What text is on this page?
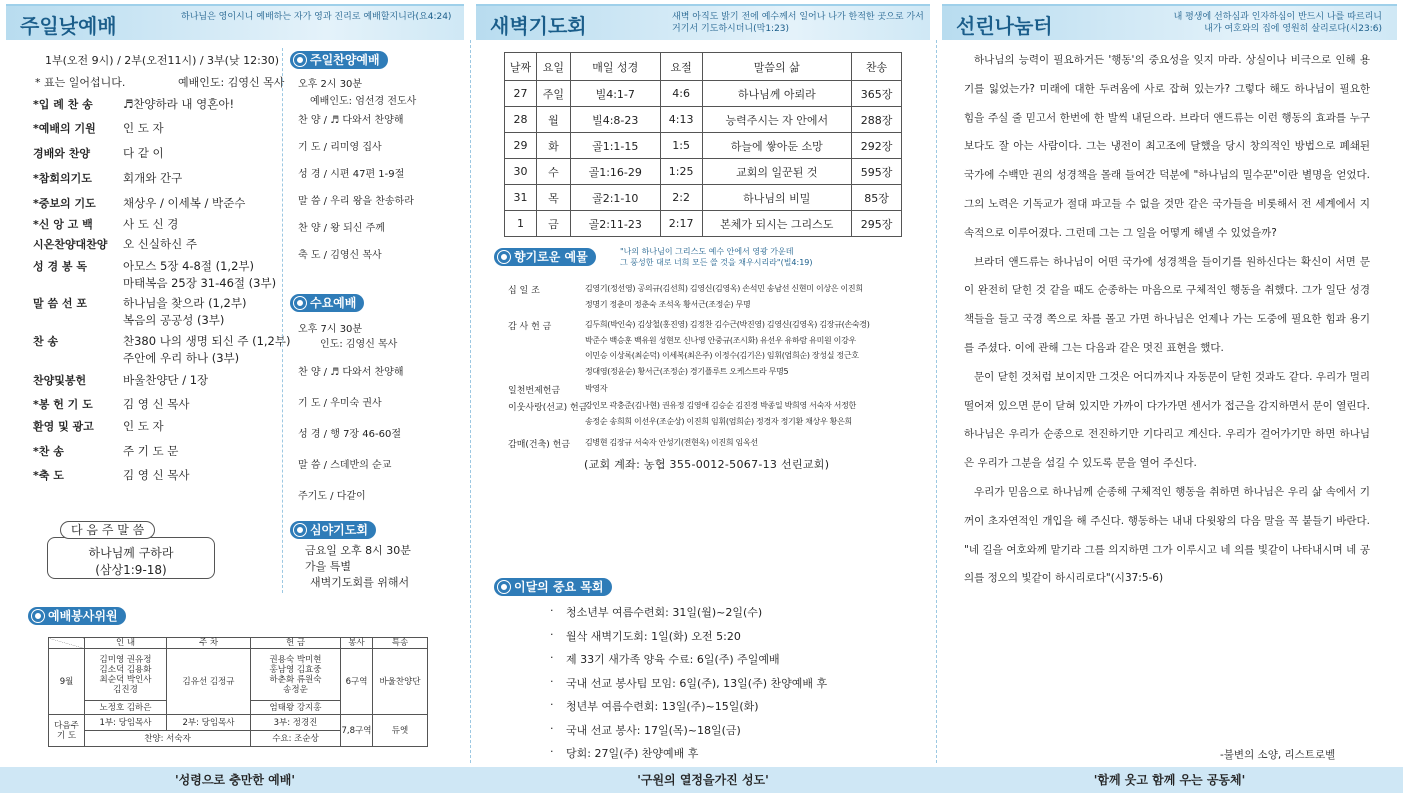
주일낮예배	하나님은 영이시니 예배하는 자가 영과 진리로 예배할지니라(요4:24)
1부(오전 9시) / 2부(오전11시) / 3부(낮 12:30)
* 표는 일어섭니다.	예배인도: 김영신 목사
*입 례 찬 송	♬찬양하라 내 영혼아!
*예배의 기원	인 도 자
경배와 찬양	다 같 이
*참회의기도	회개와 간구
*중보의 기도	채상우 / 이세복 / 박준수
*신 앙 고 백	사 도 신 경
시온찬양대찬양	오 신실하신 주
성 경 봉 독	아모스 5장 4-8절 (1,2부)
마태복음 25장 31-46절 (3부)
말 씀 선 포	하나님을 찾으라 (1,2부)
복음의 공공성 (3부)
찬 송	찬380 나의 생명 되신 주 (1,2부)
주안에 우리 하나 (3부)
찬양및봉헌	바울찬양단 / 1장
*봉 헌 기 도	김 영 신 목사
환영 및 광고	인 도 자
*찬 송	주 기 도 문
*축 도	김 영 신 목사
하나님께 구하라
(삼상1:9-18)
다 음 주 말 씀
예배봉사위원
	인 내	주 차	헌 금	봉사	특송
9월	김미영 권유정
김소덕 김용화
최순덕 박인사
김진경	김유선 김정규	권용숙 박미현
홍남영 김효중
하춘화 류원숙
송정운	6구역	바울찬양단
	노정호 김하은		엄태왕 강지홍		
다음주
기 도	1부: 당임목사	2부: 당임목사	3부: 정경진	7,8구역	듀엣
	찬양: 서숙자		수요: 조순상		
주일찬양예배
오후 2시 30분
예배인도: 엄선경 전도사
찬 양 / ♬ 다와서 찬양해
기 도 / 리미영 집사
성 경 / 시편 47편 1-9절
말 씀 / 우리 왕을 찬송하라
찬 양 / 왕 되신 주께
축 도 / 김영신 목사
수요예배
오후 7시 30분
인도: 김영신 목사
찬 양 / ♬ 다와서 찬양해
기 도 / 우미숙 권사
성 경 / 행 7장 46-60절
말 씀 / 스데반의 순교
주기도 / 다같이
심야기도회
금요일 오후 8시 30분
가을 특별
새벽기도회를 위해서
'성령으로 충만한 예배'
새벽기도회	새벽 아직도 밝기 전에 예수께서 일어나 나가 한적한 곳으로 가서
거기서 기도하시더니(막1:23)
날짜	요일	매일 성경	요절	말씀의 삶	찬송
27	주일	빌4:1-7	4:6	하나님께 아뢰라	365장
28	월	빌4:8-23	4:13	능력주시는 자 안에서	288장
29	화	골1:1-15	1:5	하늘에 쌓아둔 소망	292장
30	수	골1:16-29	1:25	교회의 일꾼된 것	595장
31	목	골2:1-10	2:2	하나님의 비밀	85장
1	금	골2:11-23	2:17	본체가 되시는 그리스도	295장
향기로운 예물	"나의 하나님이 그리스도 예수 안에서 영광 가운데
그 풍성한 대로 너희 모든 쓸 것을 채우시리라"(빌4:19)
십 일 조	김영기(정선영) 공의규(김선희) 김영신(김영옥) 손석민 송남선 신현미 이상은 이진희
정명기 정춘미 정춘숙 조석옥 황서근(조정순) 무명
감 사 헌 금	김두희(박인숙) 김상철(홍진영) 김정찬 김수근(박진영) 김영신(김영옥) 김장규(손숙경)
박준수 백승훈 백유원 성현모 신나영 안중규(조시화) 유선우 유하람 유미원 이강우
이민승 이상록(최순덕) 이세복(최은주) 이정수(김기은) 임휘(엄희순) 장성실 정근호
정대영(정윤순) 황서근(조정순) 경기플루트 오케스트라 무명5
일천번제헌금	박영자
이웃사랑(선교) 헌금
강인모 곽충준(김나현) 권유정 김영애 김승순 김진경 박종일 박희영 서숙자 서정한
송정순 송희희 이선우(조순상) 이진희 임휘(엄희순) 정경자 정기환 채상우 황은희
감매(건축) 헌금	김병현 김장규 서숙자 안성기(전현옥) 이진희 임옥선
(교회 계좌: 농협 355-0012-5067-13 선린교회)
이달의 중요 목회
· 청소년부 여름수련회: 31일(월)~2일(수)
· 월삭 새벽기도회: 1일(화) 오전 5:20
· 제 33기 새가족 양육 수료: 6일(주) 주일예배
· 국내 선교 봉사팀 모임: 6일(주), 13일(주) 찬양예배 후
· 청년부 여름수련회: 13일(주)~15일(화)
· 국내 선교 봉사: 17일(목)~18일(금)
· 당회: 27일(주) 찬양예배 후
'구원의 열정을가진 성도'
선린나눔터	내 평생에 선하심과 인자하심이 반드시 나를 따르리니
내가 여호와의 집에 영원히 살리로다(시23:6)

하나님의 능력이 필요하거든 '행동'의 중요성을 잊지 마라. 상실이나 비극으로 인해 용기를 잃었는가? 미래에 대한 두려움에 사로 잡혀 있는가? 그렇다 해도 하나님이 필요한 힘을 주실 줄 믿고서 한번에 한 발씩 내딛으라. 브라더 앤드류는 이런 행동의 효과를 누구보다도 잘 아는 사람이다. 그는 냉전이 최고조에 달했을 당시 창의적인 방법으로 폐쇄된 국가에 수백만 권의 성경책을 몰래 들여간 덕분에 "하나님의 밀수꾼"이란 별명을 얻었다. 그의 노력은 기독교가 절대 파고들 수 없을 것만 같은 국가들을 비롯해서 전 세계에서 지속적으로 이루어졌다. 그런데 그는 그 일을 어떻게 해낼 수 있었을까?

브라더 앤드류는 하나님이 어떤 국가에 성경책을 들이기를 원하신다는 확신이 서면 문이 완전히 닫힌 것 같을 때도 순종하는 마음으로 구체적인 행동을 취했다. 그가 일단 성경책들을 들고 국경 쪽으로 차를 몰고 가면 하나님은 언제나 가는 도중에 필요한 힘과 용기를 주셨다. 이에 관해 그는 다음과 같은 멋진 표현을 했다.

문이 닫힌 것처럼 보이지만 그것은 어디까지나 자동문이 닫힌 것과도 같다. 우리가 멀리 떨어져 있으면 문이 닫혀 있지만 가까이 다가가면 센서가 접근을 감지하면서 문이 열린다. 하나님은 우리가 순종으로 전진하기만 기다리고 계신다. 우리가 걸어가기만 하면 하나님은 우리가 그분을 섬길 수 있도록 문을 열어 주신다.

우리가 믿음으로 하나님께 순종해 구체적인 행동을 취하면 하나님은 우리 삶 속에서 기꺼이 초자연적인 개입을 해 주신다. 행동하는 내내 다윗왕의 다음 말을 꼭 붙들기 바란다. "네 길을 여호와께 맡기라 그를 의지하면 그가 이루시고 네 의를 빛같이 나타내시며 네 공의를 정오의 빛같이 하시리로다"(시37:5-6)

-불변의 소양, 리스트로벨
'함께 웃고 함께 우는 공동체'
